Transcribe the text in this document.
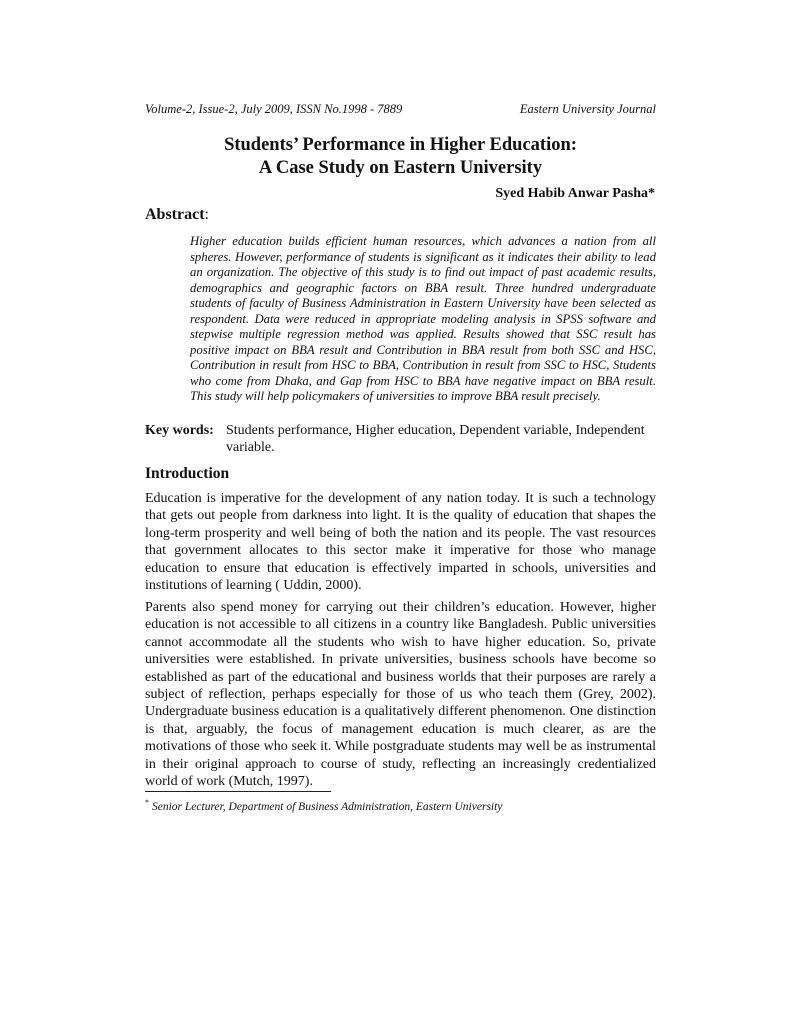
Volume-2, Issue-2, July 2009, ISSN No.1998 - 7889	Eastern University Journal
Students’ Performance in Higher Education:
A Case Study on Eastern University
Syed Habib Anwar Pasha*
Abstract:

Higher education builds efficient human resources, which advances a nation from all spheres. However, performance of students is significant as it indicates their ability to lead an organization. The objective of this study is to find out impact of past academic results, demographics and geographic factors on BBA result. Three hundred undergraduate students of faculty of Business Administration in Eastern University have been selected as respondent. Data were reduced in appropriate modeling analysis in SPSS software and stepwise multiple regression method was applied. Results showed that SSC result has positive impact on BBA result and Contribution in BBA result from both SSC and HSC, Contribution in result from HSC to BBA, Contribution in result from SSC to HSC, Students who come from Dhaka, and Gap from HSC to BBA have negative impact on BBA result. This study will help policymakers of universities to improve BBA result precisely.

Key words: Students performance, Higher education, Dependent variable, Independent variable.
Introduction

Education is imperative for the development of any nation today. It is such a technology that gets out people from darkness into light. It is the quality of education that shapes the long-term prosperity and well being of both the nation and its people. The vast resources that government allocates to this sector make it imperative for those who manage education to ensure that education is effectively imparted in schools, universities and institutions of learning ( Uddin, 2000).

Parents also spend money for carrying out their children’s education. However, higher education is not accessible to all citizens in a country like Bangladesh. Public universities cannot accommodate all the students who wish to have higher education. So, private universities were established. In private universities, business schools have become so established as part of the educational and business worlds that their purposes are rarely a subject of reflection, perhaps especially for those of us who teach them (Grey, 2002). Undergraduate business education is a qualitatively different phenomenon. One distinction is that, arguably, the focus of management education is much clearer, as are the motivations of those who seek it. While postgraduate students may well be as instrumental in their original approach to course of study, reflecting an increasingly credentialized world of work (Mutch, 1997).

* Senior Lecturer, Department of Business Administration, Eastern University
